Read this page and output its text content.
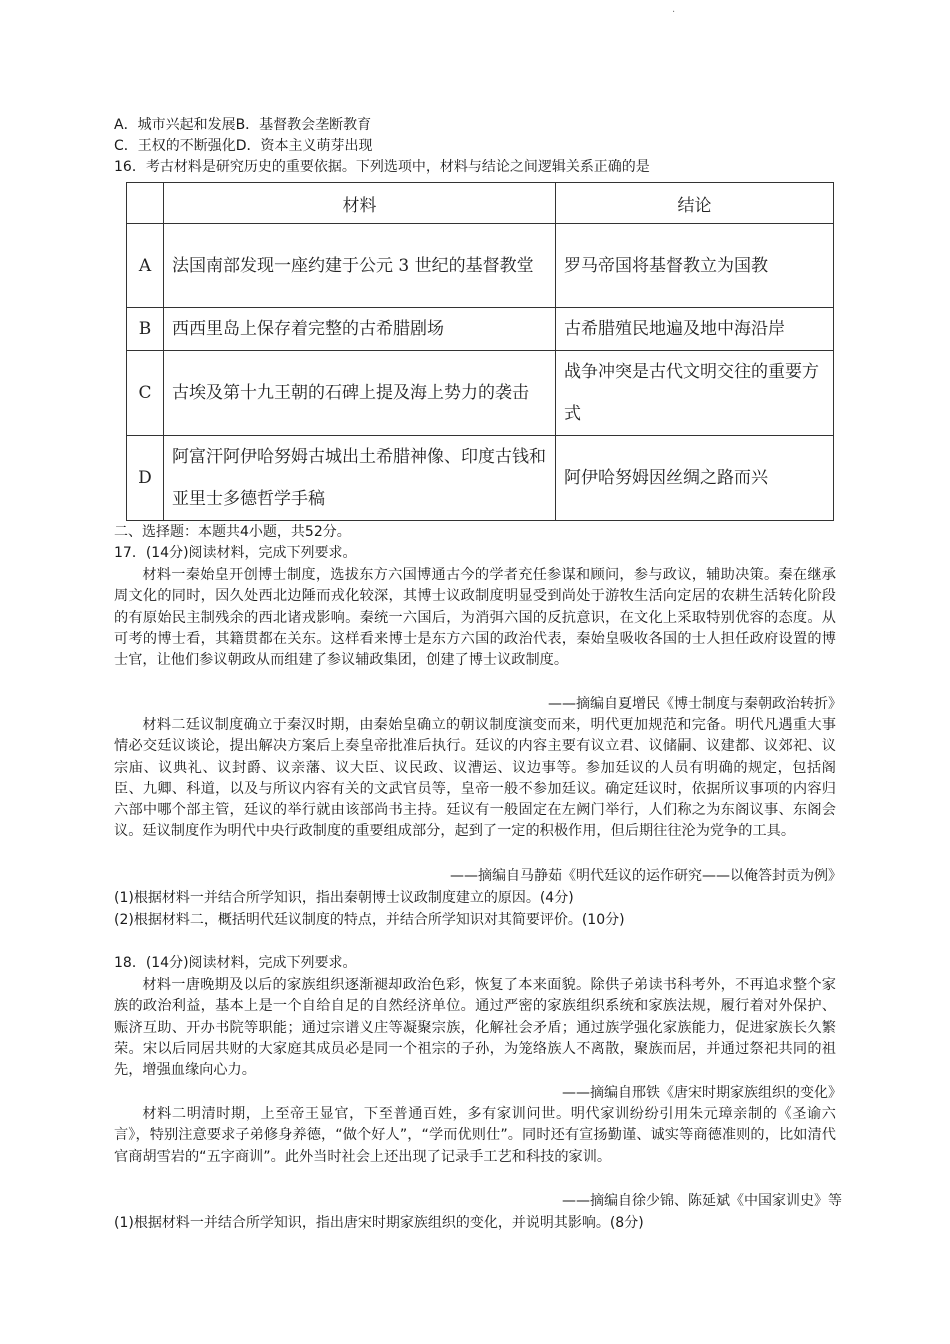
.
A．城市兴起和发展B．基督教会垄断教育
C．王权的不断强化D．资本主义萌芽出现
16．考古材料是研究历史的重要依据。下列选项中，材料与结论之间逻辑关系正确的是
	材料	结论
A	法国南部发现一座约建于公元 3 世纪的基督教堂	罗马帝国将基督教立为国教
B	西西里岛上保存着完整的古希腊剧场	古希腊殖民地遍及地中海沿岸
C	古埃及第十九王朝的石碑上提及海上势力的袭击	战争冲突是古代文明交往的重要方式
D	阿富汗阿伊哈努姆古城出土希腊神像、印度古钱和亚里士多德哲学手稿	阿伊哈努姆因丝绸之路而兴
二、选择题：本题共4小题，共52分。
17．(14分)阅读材料，完成下列要求。
材料一秦始皇开创博士制度，选拔东方六国博通古今的学者充任参谋和顾问，参与政议，辅助决策。秦在继承周文化的同时，因久处西北边陲而戎化较深，其博士议政制度明显受到尚处于游牧生活向定居的农耕生活转化阶段的有原始民主制残余的西北诸戎影响。秦统一六国后，为消弭六国的反抗意识，在文化上采取特别优容的态度。从可考的博士看，其籍贯都在关东。这样看来博士是东方六国的政治代表，秦始皇吸收各国的士人担任政府设置的博士官，让他们参议朝政从而组建了参议辅政集团，创建了博士议政制度。
——摘编自夏增民《博士制度与秦朝政治转折》
材料二廷议制度确立于秦汉时期，由秦始皇确立的朝议制度演变而来，明代更加规范和完备。明代凡遇重大事情必交廷议谈论，提出解决方案后上奏皇帝批准后执行。廷议的内容主要有议立君、议储嗣、议建都、议郊祀、议宗庙、议典礼、议封爵、议亲藩、议大臣、议民政、议漕运、议边事等。参加廷议的人员有明确的规定，包括阁臣、九卿、科道，以及与所议内容有关的文武官员等，皇帝一般不参加廷议。确定廷议时，依据所议事项的内容归六部中哪个部主管，廷议的举行就由该部尚书主持。廷议有一般固定在左阙门举行，人们称之为东阁议事、东阁会议。廷议制度作为明代中央行政制度的重要组成部分，起到了一定的积极作用，但后期往往沦为党争的工具。
——摘编自马静茹《明代廷议的运作研究——以俺答封贡为例》
(1)根据材料一并结合所学知识，指出秦朝博士议政制度建立的原因。(4分)
(2)根据材料二，概括明代廷议制度的特点，并结合所学知识对其简要评价。(10分)
18．(14分)阅读材料，完成下列要求。
材料一唐晚期及以后的家族组织逐渐褪却政治色彩，恢复了本来面貌。除供子弟读书科考外，不再追求整个家族的政治利益，基本上是一个自给自足的自然经济单位。通过严密的家族组织系统和家族法规，履行着对外保护、赈济互助、开办书院等职能；通过宗谱义庄等凝聚宗族，化解社会矛盾；通过族学强化家族能力，促进家族长久繁荣。宋以后同居共财的大家庭其成员必是同一个祖宗的子孙，为笼络族人不离散，聚族而居，并通过祭祀共同的祖先，增强血缘向心力。
——摘编自邢铁《唐宋时期家族组织的变化》
材料二明清时期，上至帝王显官，下至普通百姓，多有家训问世。明代家训纷纷引用朱元璋亲制的《圣谕六言》，特别注意要求子弟修身养德，“做个好人”，“学而优则仕”。同时还有宣扬勤谨、诚实等商德准则的，比如清代官商胡雪岩的“五字商训”。此外当时社会上还出现了记录手工艺和科技的家训。
——摘编自徐少锦、陈延斌《中国家训史》等
(1)根据材料一并结合所学知识，指出唐宋时期家族组织的变化，并说明其影响。(8分)
